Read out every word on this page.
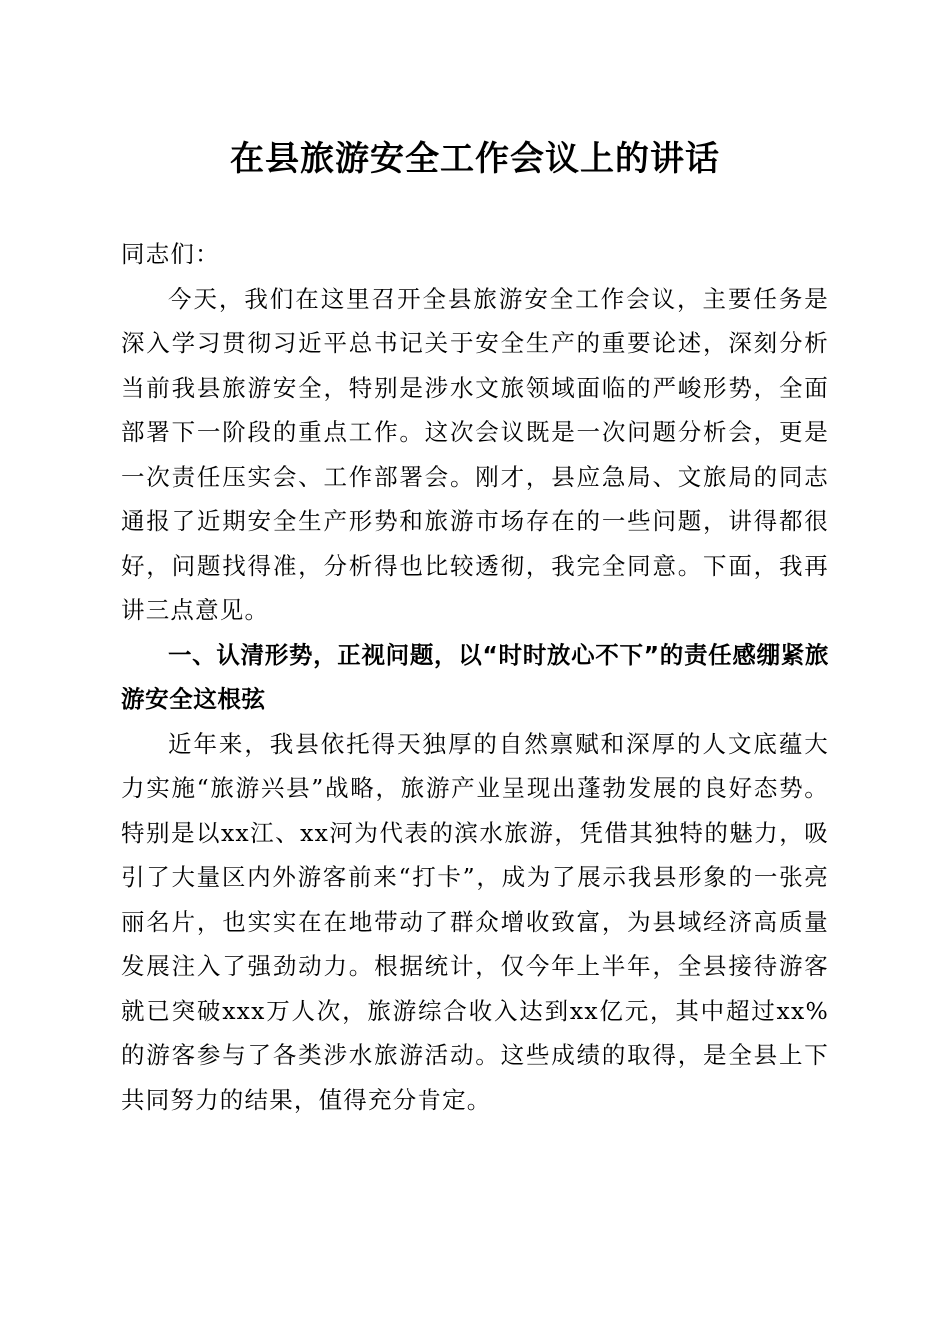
在县旅游安全工作会议上的讲话

同志们：

今天，我们在这里召开全县旅游安全工作会议，主要任务是深入学习贯彻习近平总书记关于安全生产的重要论述，深刻分析当前我县旅游安全，特别是涉水文旅领域面临的严峻形势，全面部署下一阶段的重点工作。这次会议既是一次问题分析会，更是一次责任压实会、工作部署会。刚才，县应急局、文旅局的同志通报了近期安全生产形势和旅游市场存在的一些问题，讲得都很好，问题找得准，分析得也比较透彻，我完全同意。下面，我再讲三点意见。

一、认清形势，正视问题，以“时时放心不下”的责任感绷紧旅游安全这根弦

近年来，我县依托得天独厚的自然禀赋和深厚的人文底蕴大力实施“旅游兴县”战略，旅游产业呈现出蓬勃发展的良好态势。特别是以xx江、xx河为代表的滨水旅游，凭借其独特的魅力，吸引了大量区内外游客前来“打卡”，成为了展示我县形象的一张亮丽名片，也实实在在地带动了群众增收致富，为县域经济高质量发展注入了强劲动力。根据统计，仅今年上半年，全县接待游客就已突破xxx万人次，旅游综合收入达到xx亿元，其中超过xx%的游客参与了各类涉水旅游活动。这些成绩的取得，是全县上下共同努力的结果，值得充分肯定。
